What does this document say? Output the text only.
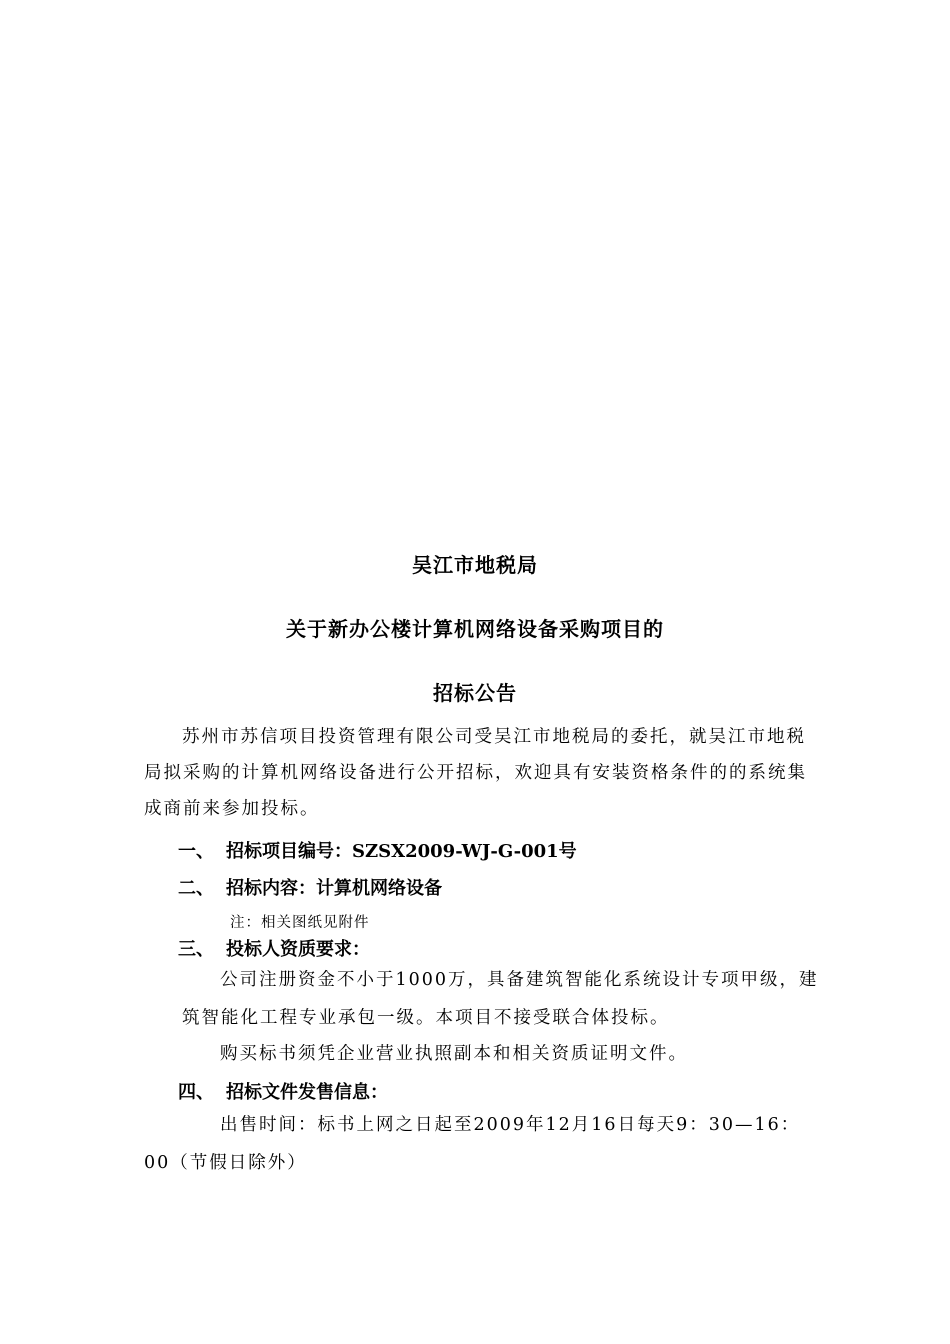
吴江市地税局
关于新办公楼计算机网络设备采购项目的
招标公告
苏州市苏信项目投资管理有限公司受吴江市地税局的委托，就吴江市地税
局拟采购的计算机网络设备进行公开招标，欢迎具有安装资格条件的的系统集
成商前来参加投标。
一、 招标项目编号：SZSX2009-WJ-G-001号
二、 招标内容：计算机网络设备
注：相关图纸见附件
三、 投标人资质要求：
公司注册资金不小于1000万，具备建筑智能化系统设计专项甲级，建
筑智能化工程专业承包一级。本项目不接受联合体投标。
购买标书须凭企业营业执照副本和相关资质证明文件。
四、 招标文件发售信息：
出售时间：标书上网之日起至2009年12月16日每天9：30—16：
00（节假日除外）
